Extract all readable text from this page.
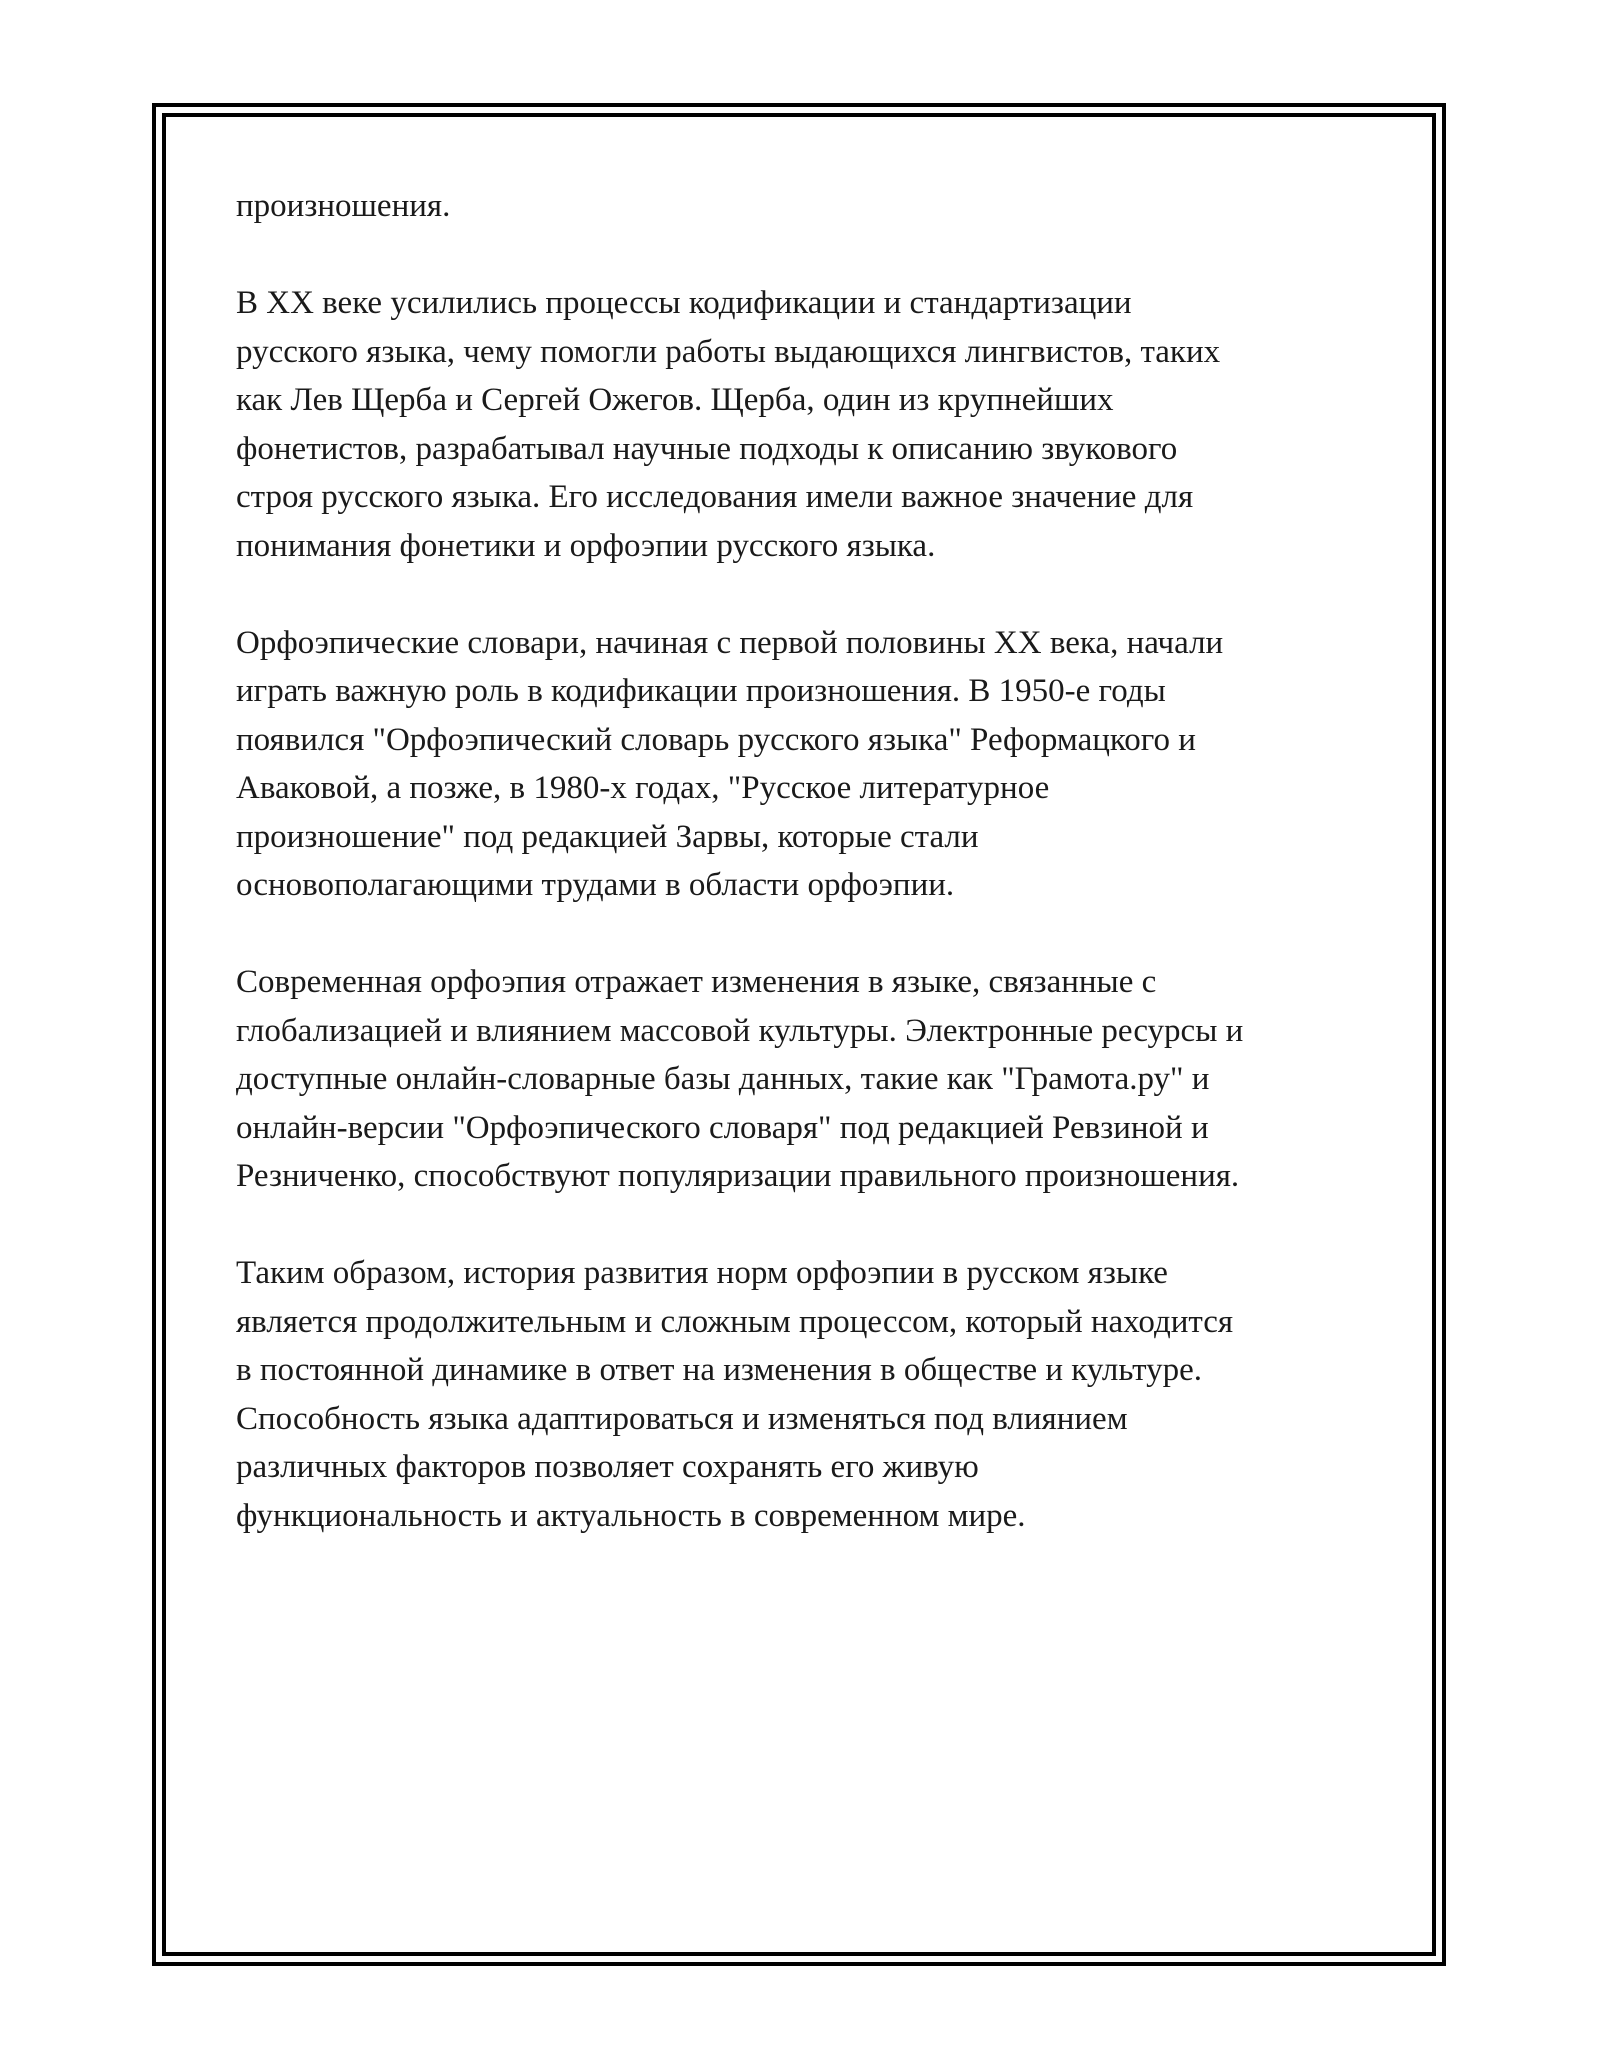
произношения.

В XX веке усилились процессы кодификации и стандартизации
русского языка, чему помогли работы выдающихся лингвистов, таких
как Лев Щерба и Сергей Ожегов. Щерба, один из крупнейших
фонетистов, разрабатывал научные подходы к описанию звукового
строя русского языка. Его исследования имели важное значение для
понимания фонетики и орфоэпии русского языка.

Орфоэпические словари, начиная с первой половины XX века, начали
играть важную роль в кодификации произношения. В 1950-е годы
появился "Орфоэпический словарь русского языка" Реформацкого и
Аваковой, а позже, в 1980-х годах, "Русское литературное
произношение" под редакцией Зарвы, которые стали
основополагающими трудами в области орфоэпии.

Современная орфоэпия отражает изменения в языке, связанные с
глобализацией и влиянием массовой культуры. Электронные ресурсы и
доступные онлайн-словарные базы данных, такие как "Грамота.ру" и
онлайн-версии "Орфоэпического словаря" под редакцией Ревзиной и
Резниченко, способствуют популяризации правильного произношения.

Таким образом, история развития норм орфоэпии в русском языке
является продолжительным и сложным процессом, который находится
в постоянной динамике в ответ на изменения в обществе и культуре.
Способность языка адаптироваться и изменяться под влиянием
различных факторов позволяет сохранять его живую
функциональность и актуальность в современном мире.
